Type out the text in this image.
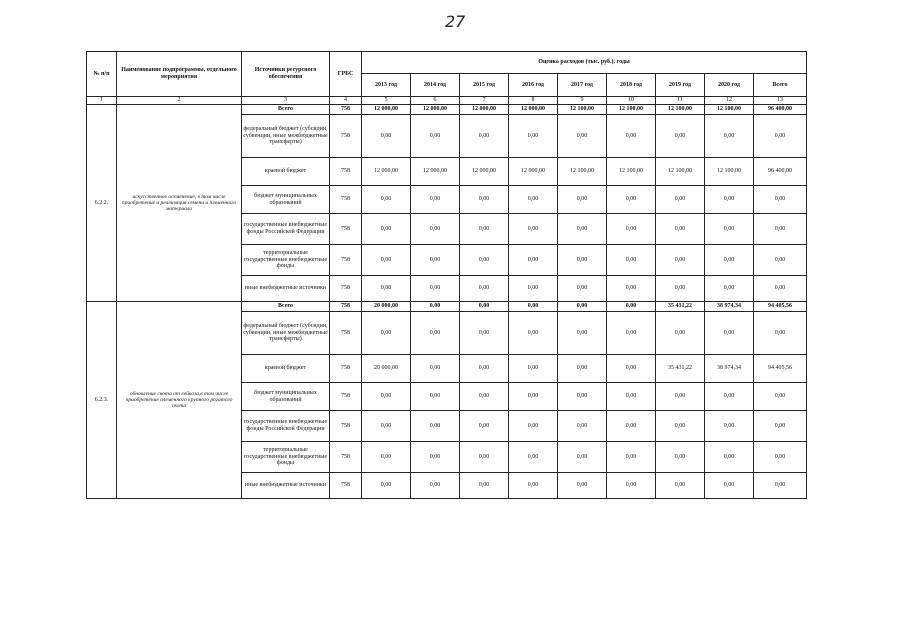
27
№ п/п	Наименование подпрограммы, отдельного мероприятия	Источники ресурсного обеспечения	ГРБС	Оценка расходов (тыс. руб.), годы								
				2013 год	2014 год	2015 год	2016 год	2017 год	2018 год	2019 год	2020 год	Всего
1	2	3	4	5	6	7	8	9	10	11	12	13
6.2.2.	искусственное осеменение, в том числе приобретение и реализация семени и племенного материала	Всего	758	12 000,00	12 000,00	12 000,00	12 000,00	12 100,00	12 100,00	12 100,00	12 100,00	96 400,00
		федеральный бюджет (субсидии, субвенции, иные межбюджетные трансферты)	758	0,00	0,00	0,00	0,00	0,00	0,00	0,00	0,00	0,00
		краевой бюджет	758	12 000,00	12 000,00	12 000,00	12 000,00	12 100,00	12 100,00	12 100,00	12 100,00	96 400,00
		бюджет муниципальных образований	758	0,00	0,00	0,00	0,00	0,00	0,00	0,00	0,00	0,00
		государственные внебюджетные фонды Российской Федерации	758	0,00	0,00	0,00	0,00	0,00	0,00	0,00	0,00	0,00
		территориальные государственные внебюджетные фонды	758	0,00	0,00	0,00	0,00	0,00	0,00	0,00	0,00	0,00
		иные внебюджетные источники	758	0,00	0,00	0,00	0,00	0,00	0,00	0,00	0,00	0,00
6.2.3.	обновление скота от лейкоза,в том числе приобретение племенного крупного рогатого скота	Всего	758	20 000,00	0,00	0,00	0,00	0,00	0,00	35 431,22	38 974,34	94 405,56
		федеральный бюджет (субсидии, субвенции, иные межбюджетные трансферты)	758	0,00	0,00	0,00	0,00	0,00	0,00	0,00	0,00	0,00
		краевой бюджет	758	20 000,00	0,00	0,00	0,00	0,00	0,00	35 431,22	38 974,34	94 405,56
		бюджет муниципальных образований	758	0,00	0,00	0,00	0,00	0,00	0,00	0,00	0,00	0,00
		государственные внебюджетные фонды Российской Федерации	758	0,00	0,00	0,00	0,00	0,00	0,00	0,00	0,00	0,00
		территориальные государственные внебюджетные фонды	758	0,00	0,00	0,00	0,00	0,00	0,00	0,00	0,00	0,00
		иные внебюджетные источники	758	0,00	0,00	0,00	0,00	0,00	0,00	0,00	0,00	0,00
